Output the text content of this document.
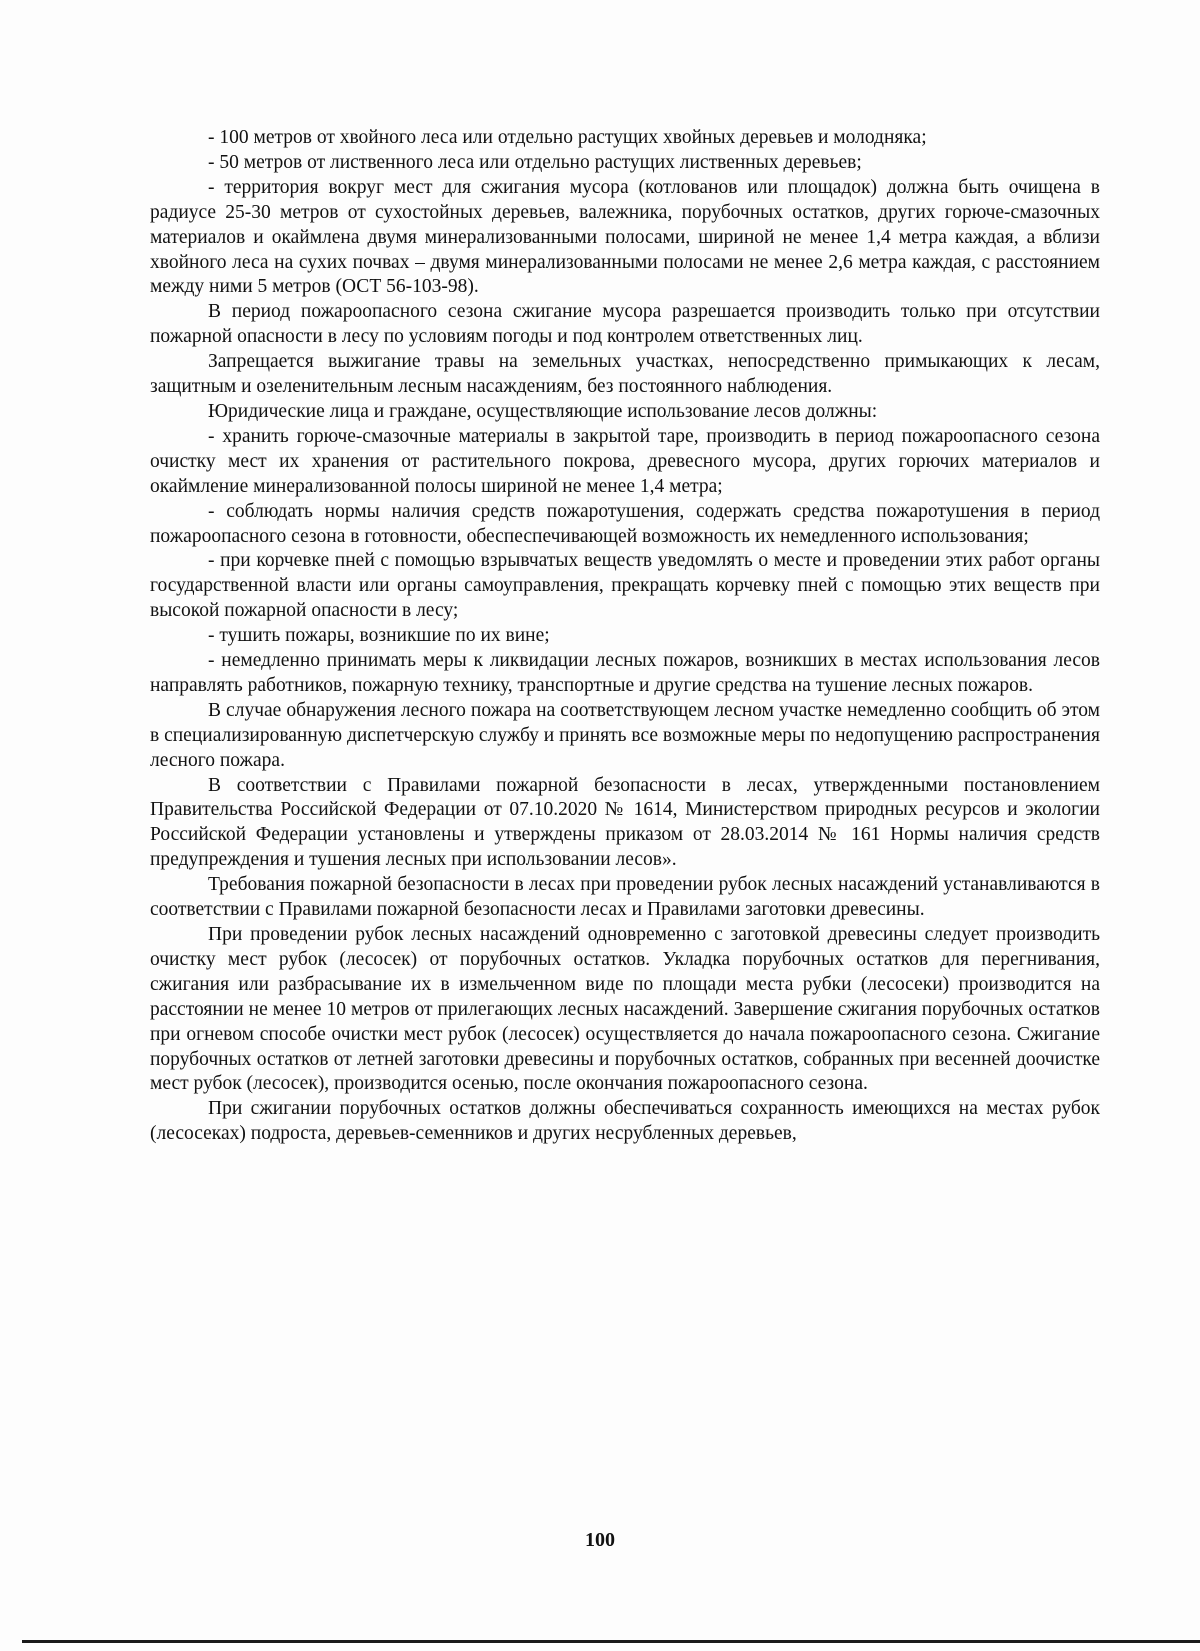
- 100 метров от хвойного леса или отдельно растущих хвойных деревьев и молодняка;

- 50 метров от лиственного леса или отдельно растущих лиственных деревьев;

- территория вокруг мест для сжигания мусора (котлованов или площадок) должна быть очищена в радиусе 25-30 метров от сухостойных деревьев, валежника, порубочных остатков, других горюче-смазочных материалов и окаймлена двумя минерализованными полосами, шириной не менее 1,4 метра каждая, а вблизи хвойного леса на сухих почвах – двумя минерализованными полосами не менее 2,6 метра каждая, с расстоянием между ними 5 метров (ОСТ 56-103-98).

В период пожароопасного сезона сжигание мусора разрешается производить только при отсутствии пожарной опасности в лесу по условиям погоды и под контролем ответственных лиц.

Запрещается выжигание травы на земельных участках, непосредственно примыкающих к лесам, защитным и озеленительным лесным насаждениям, без постоянного наблюдения.

Юридические лица и граждане, осуществляющие использование лесов должны:

- хранить горюче-смазочные материалы в закрытой таре, производить в период пожароопасного сезона очистку мест их хранения от растительного покрова, древесного мусора, других горючих материалов и окаймление минерализованной полосы шириной не менее 1,4 метра;

- соблюдать нормы наличия средств пожаротушения, содержать средства пожаротушения в период пожароопасного сезона в готовности, обеспеспечивающей возможность их немедленного использования;

- при корчевке пней с помощью взрывчатых веществ уведомлять о месте и проведении этих работ органы государственной власти или органы самоуправления, прекращать корчевку пней с помощью этих веществ при высокой пожарной опасности в лесу;

- тушить пожары, возникшие по их вине;

- немедленно принимать меры к ликвидации лесных пожаров, возникших в местах использования лесов направлять работников, пожарную технику, транспортные и другие средства на тушение лесных пожаров.

В случае обнаружения лесного пожара на соответствующем лесном участке немедленно сообщить об этом в специализированную диспетчерскую службу и принять все возможные меры по недопущению распространения лесного пожара.

В соответствии с Правилами пожарной безопасности в лесах, утвержденными постановлением Правительства Российской Федерации от 07.10.2020 № 1614, Министерством природных ресурсов и экологии Российской Федерации установлены и утверждены приказом от 28.03.2014 № 161 Нормы наличия средств предупреждения и тушения лесных при использовании лесов».

Требования пожарной безопасности в лесах при проведении рубок лесных насаждений устанавливаются в соответствии с Правилами пожарной безопасности лесах и Правилами заготовки древесины.

При проведении рубок лесных насаждений одновременно с заготовкой древесины следует производить очистку мест рубок (лесосек) от порубочных остатков. Укладка порубочных остатков для перегнивания, сжигания или разбрасывание их в измельченном виде по площади места рубки (лесосеки) производится на расстоянии не менее 10 метров от прилегающих лесных насаждений. Завершение сжигания порубочных остатков при огневом способе очистки мест рубок (лесосек) осуществляется до начала пожароопасного сезона. Сжигание порубочных остатков от летней заготовки древесины и порубочных остатков, собранных при весенней доочистке мест рубок (лесосек), производится осенью, после окончания пожароопасного сезона.

При сжигании порубочных остатков должны обеспечиваться сохранность имеющихся на местах рубок (лесосеках) подроста, деревьев-семенников и других несрубленных деревьев,

100
